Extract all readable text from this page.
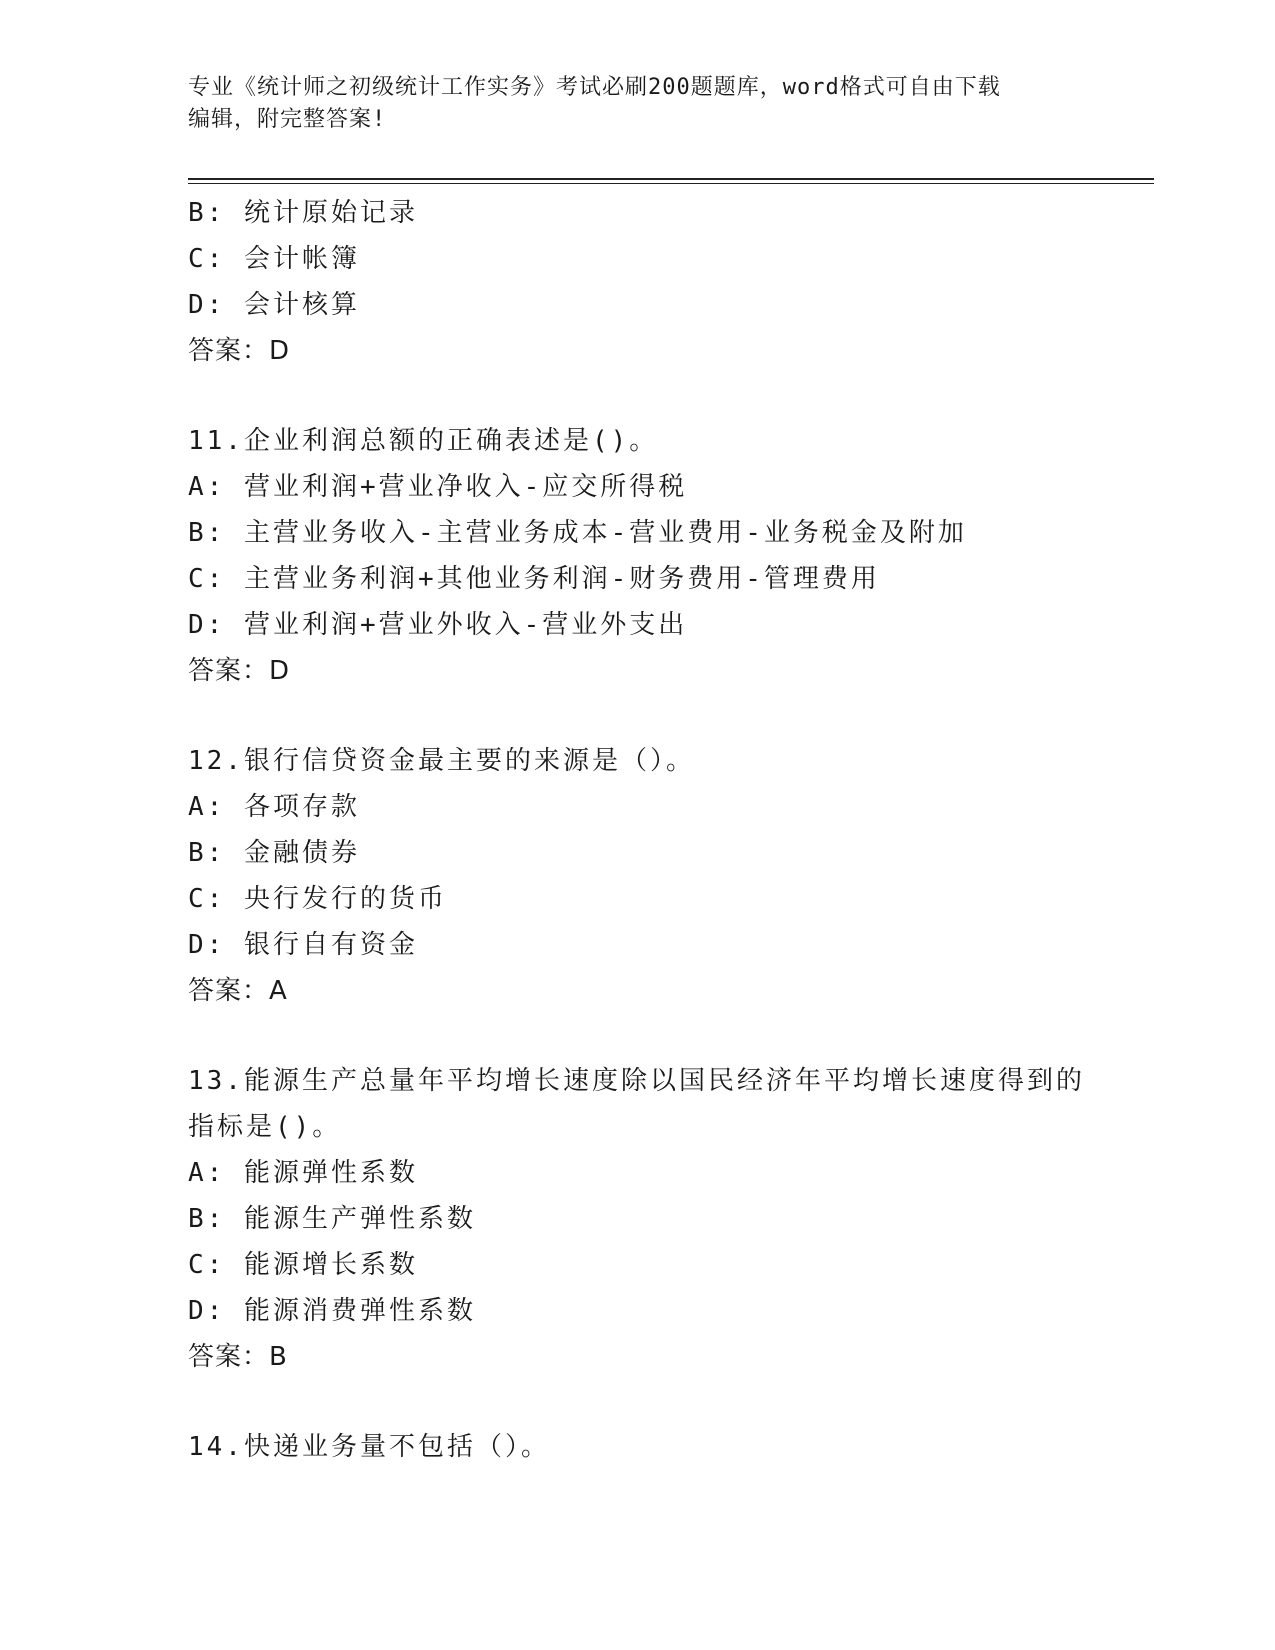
专业《统计师之初级统计工作实务》考试必刷200题题库，word格式可自由下载
编辑，附完整答案!
B: 统计原始记录
C: 会计帐簿
D: 会计核算
答案：D
11.企业利润总额的正确表述是()。
A: 营业利润+营业净收入-应交所得税
B: 主营业务收入-主营业务成本-营业费用-业务税金及附加
C: 主营业务利润+其他业务利润-财务费用-管理费用
D: 营业利润+营业外收入-营业外支出
答案：D
12.银行信贷资金最主要的来源是（）。
A: 各项存款
B: 金融债券
C: 央行发行的货币
D: 银行自有资金
答案：A
13.能源生产总量年平均增长速度除以国民经济年平均增长速度得到的
指标是()。
A: 能源弹性系数
B: 能源生产弹性系数
C: 能源增长系数
D: 能源消费弹性系数
答案：B
14.快递业务量不包括（）。
